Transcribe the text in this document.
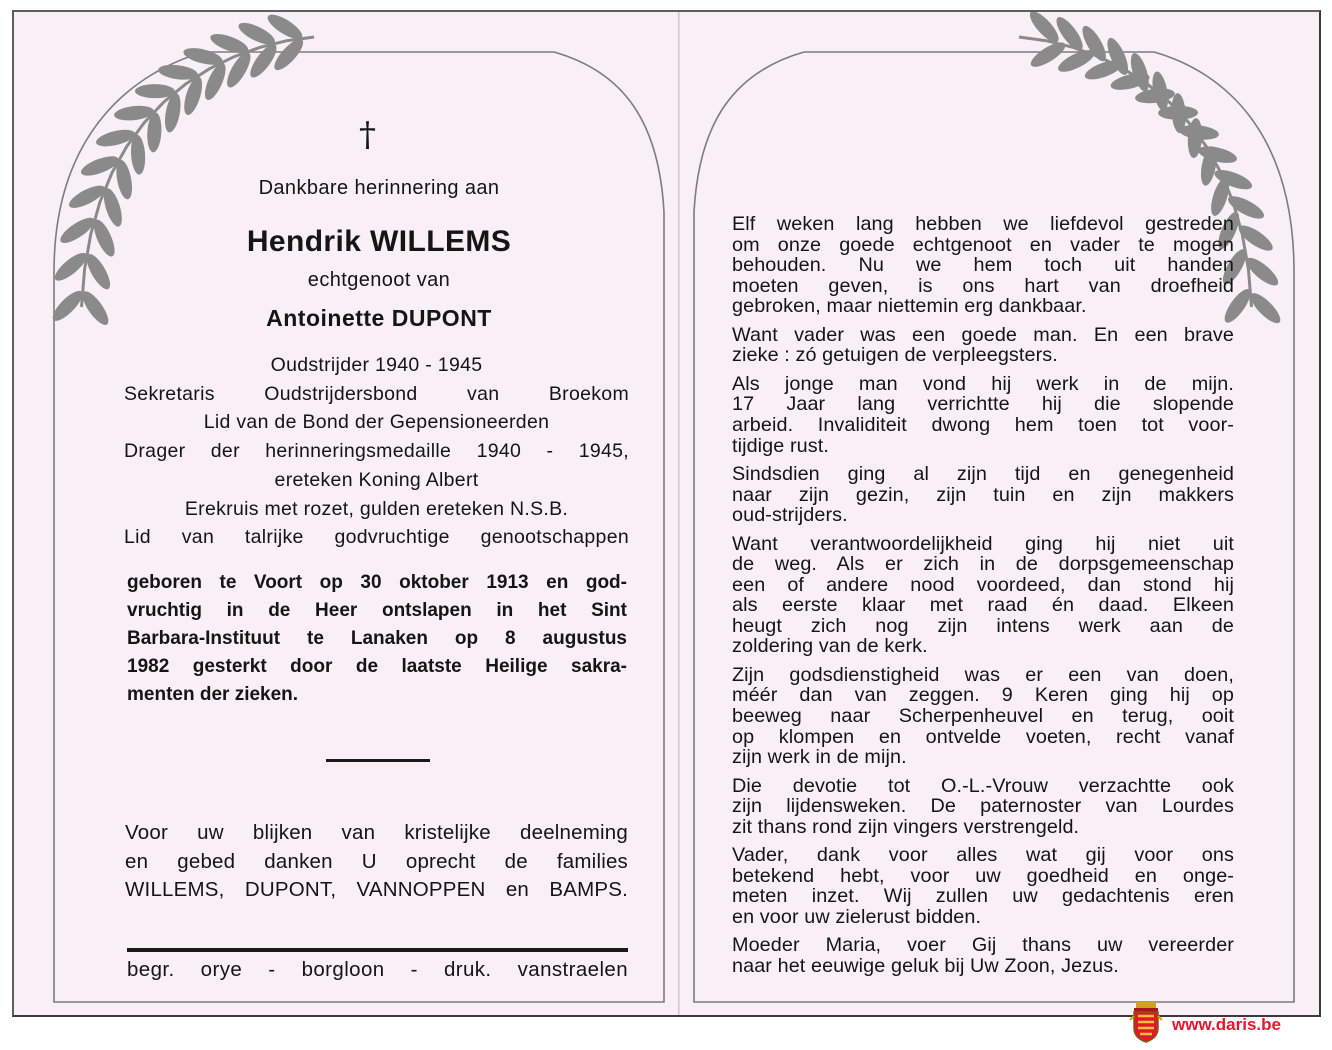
†
Dankbare herinnering aan
Hendrik WILLEMS
echtgenoot van
Antoinette DUPONT
Oudstrijder 1940 - 1945
Sekretaris Oudstrijdersbond van Broekom
Lid van de Bond der Gepensioneerden
Drager der herinneringsmedaille 1940 - 1945,
ereteken Koning Albert
Erekruis met rozet, gulden ereteken N.S.B.
Lid van talrijke godvruchtige genootschappen
geboren te Voort op 30 oktober 1913 en god-
vruchtig in de Heer ontslapen in het Sint
Barbara-Instituut te Lanaken op 8 augustus
1982 gesterkt door de laatste Heilige sakra-
menten der zieken.
Voor uw blijken van kristelijke deelneming
en gebed danken U oprecht de families
WILLEMS, DUPONT, VANNOPPEN en BAMPS.
begr. orye - borgloon - druk. vanstraelen

Elf weken lang hebben we liefdevol gestreden
om onze goede echtgenoot en vader te mogen
behouden. Nu we hem toch uit handen
moeten geven, is ons hart van droefheid
gebroken, maar niettemin erg dankbaar.

Want vader was een goede man. En een brave
zieke : zó getuigen de verpleegsters.

Als jonge man vond hij werk in de mijn.
17 Jaar lang verrichtte hij die slopende
arbeid. Invaliditeit dwong hem toen tot voor-
tijdige rust.

Sindsdien ging al zijn tijd en genegenheid
naar zijn gezin, zijn tuin en zijn makkers
oud-strijders.

Want verantwoordelijkheid ging hij niet uit
de weg. Als er zich in de dorpsgemeenschap
een of andere nood voordeed, dan stond hij
als eerste klaar met raad én daad. Elkeen
heugt zich nog zijn intens werk aan de
zoldering van de kerk.

Zijn godsdienstigheid was er een van doen,
méér dan van zeggen. 9 Keren ging hij op
beeweg naar Scherpenheuvel en terug, ooit
op klompen en ontvelde voeten, recht vanaf
zijn werk in de mijn.

Die devotie tot O.-L.-Vrouw verzachtte ook
zijn lijdensweken. De paternoster van Lourdes
zit thans rond zijn vingers verstrengeld.

Vader, dank voor alles wat gij voor ons
betekend hebt, voor uw goedheid en onge-
meten inzet. Wij zullen uw gedachtenis eren
en voor uw zielerust bidden.

Moeder Maria, voer Gij thans uw vereerder
naar het eeuwige geluk bij Uw Zoon, Jezus.

www.daris.be
